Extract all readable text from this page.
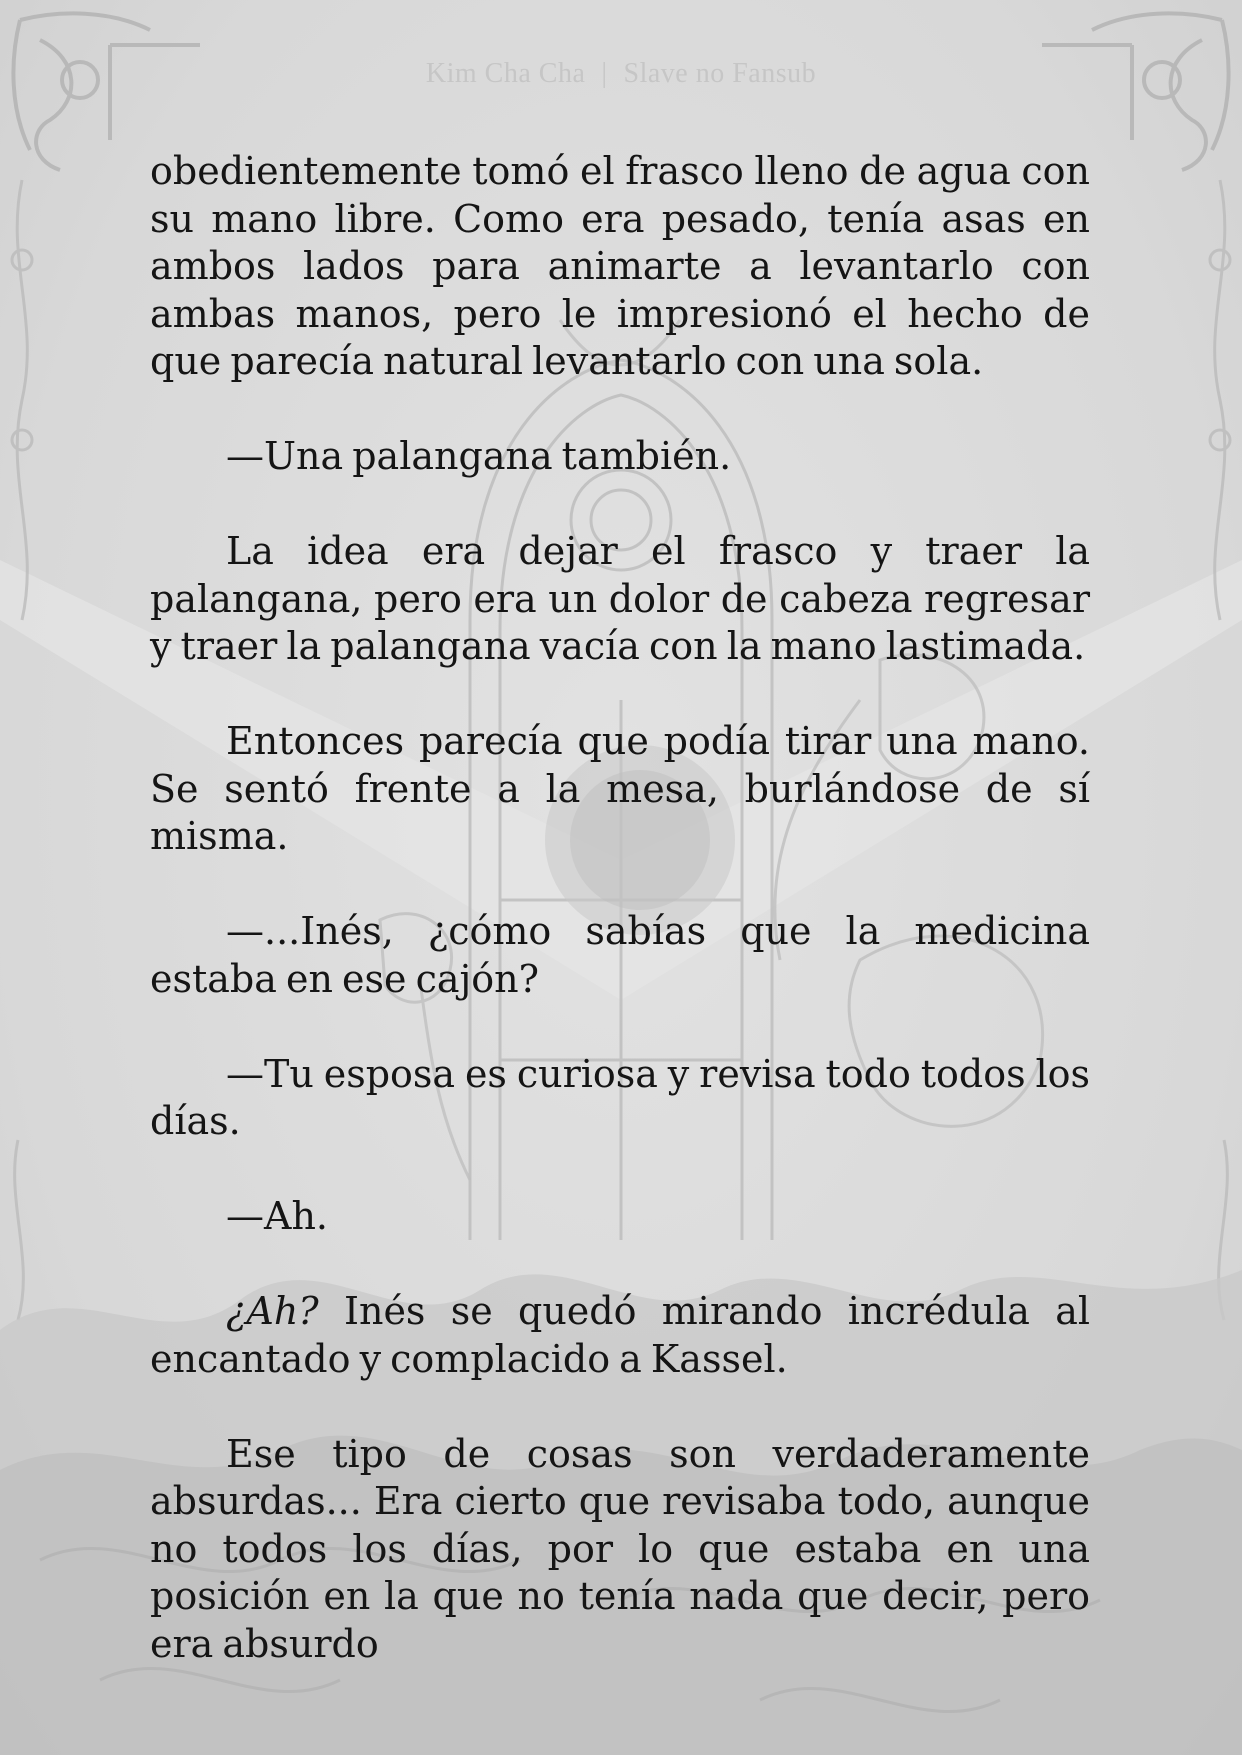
Kim Cha Cha | Slave no Fansub

obedientemente tomó el frasco lleno de agua con su mano libre. Como era pesado, tenía asas en ambos lados para animarte a levantarlo con ambas manos, pero le impresionó el hecho de que parecía natural levantarlo con una sola.

—Una palangana también.

La idea era dejar el frasco y traer la palangana, pero era un dolor de cabeza regresar y traer la palangana vacía con la mano lastimada.

Entonces parecía que podía tirar una mano. Se sentó frente a la mesa, burlándose de sí misma.

—...Inés, ¿cómo sabías que la medicina estaba en ese cajón?

—Tu esposa es curiosa y revisa todo todos los días.

—Ah.

¿Ah? Inés se quedó mirando incrédula al encantado y complacido a Kassel.

Ese tipo de cosas son verdaderamente absurdas... Era cierto que revisaba todo, aunque no todos los días, por lo que estaba en una posición en la que no tenía nada que decir, pero era absurdo
